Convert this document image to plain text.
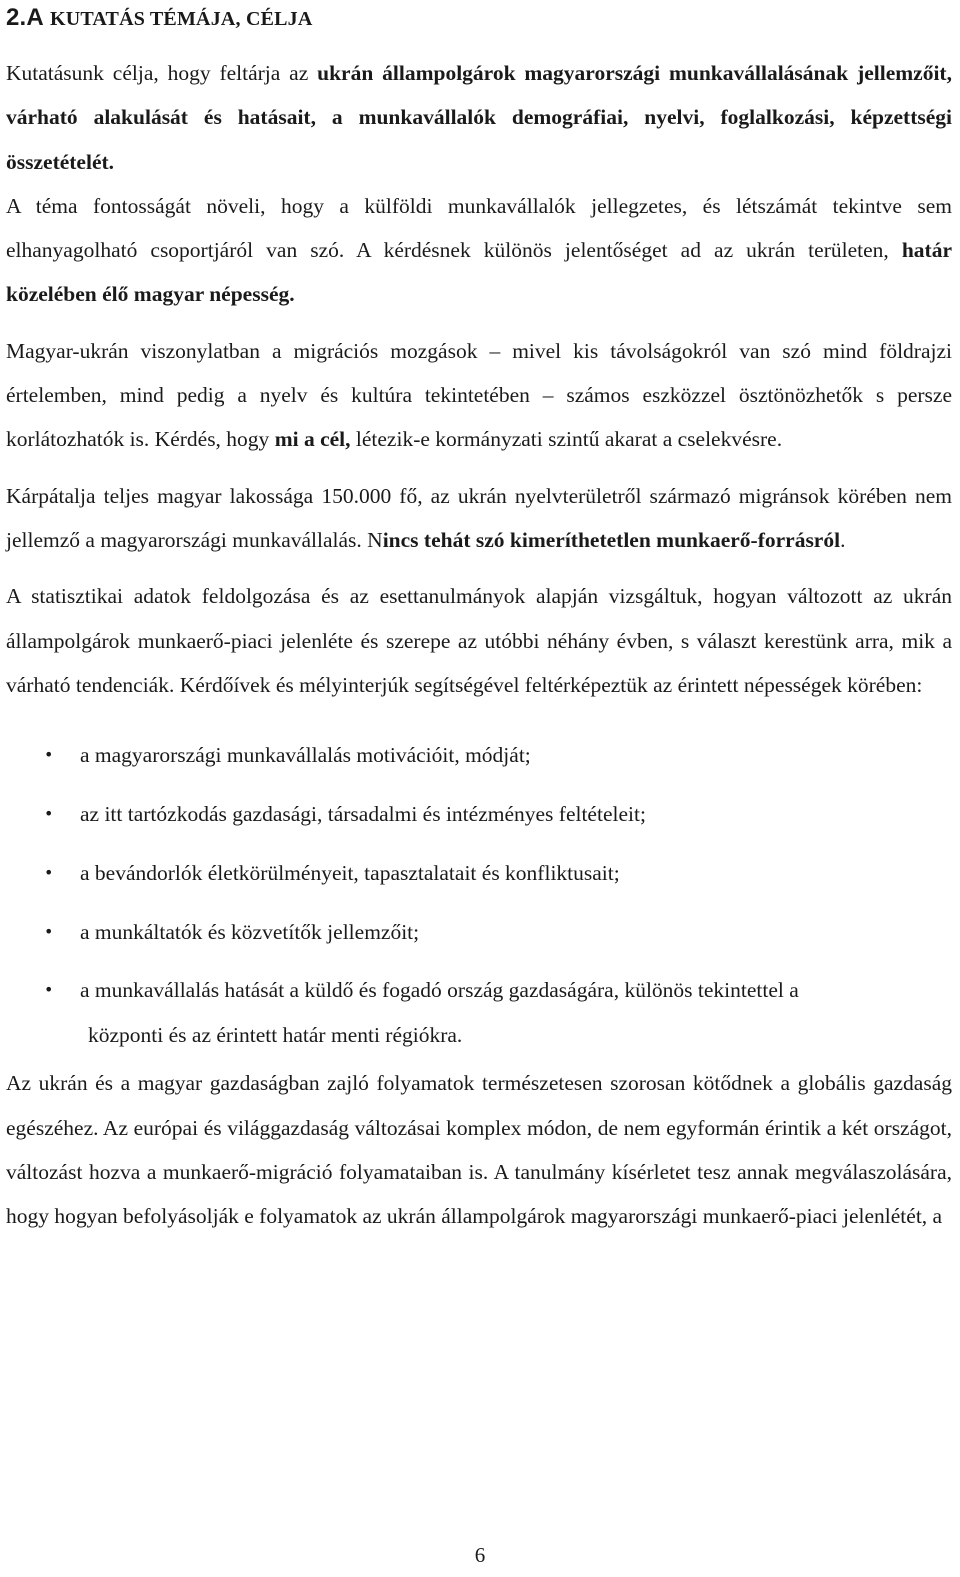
2.A KUTATÁS TÉMÁJA, CÉLJA

Kutatásunk célja, hogy feltárja az ukrán állampolgárok magyarországi munkavállalásának jellemzőit, várható alakulását és hatásait, a munkavállalók demográfiai, nyelvi, foglalkozási, képzettségi összetételét.

A téma fontosságát növeli, hogy a külföldi munkavállalók jellegzetes, és létszámát tekintve sem elhanyagolható csoportjáról van szó. A kérdésnek különös jelentőséget ad az ukrán területen, határ közelében élő magyar népesség.

Magyar-ukrán viszonylatban a migrációs mozgások – mivel kis távolságokról van szó mind földrajzi értelemben, mind pedig a nyelv és kultúra tekintetében – számos eszközzel ösztönözhetők s persze korlátozhatók is. Kérdés, hogy mi a cél, létezik-e kormányzati szintű akarat a cselekvésre.

Kárpátalja teljes magyar lakossága 150.000 fő, az ukrán nyelvterületről származó migránsok körében nem jellemző a magyarországi munkavállalás. Nincs tehát szó kimeríthetetlen munkaerő-forrásról.

A statisztikai adatok feldolgozása és az esettanulmányok alapján vizsgáltuk, hogyan változott az ukrán állampolgárok munkaerő-piaci jelenléte és szerepe az utóbbi néhány évben, s választ kerestünk arra, mik a várható tendenciák. Kérdőívek és mélyinterjúk segítségével feltérképeztük az érintett népességek körében:

• a magyarországi munkavállalás motivációit, módját;
• az itt tartózkodás gazdasági, társadalmi és intézményes feltételeit;
• a bevándorlók életkörülményeit, tapasztalatait és konfliktusait;
• a munkáltatók és közvetítők jellemzőit;
• a munkavállalás hatását a küldő és fogadó ország gazdaságára, különös tekintettel a
központi és az érintett határ menti régiókra.

Az ukrán és a magyar gazdaságban zajló folyamatok természetesen szorosan kötődnek a globális gazdaság egészéhez. Az európai és világgazdaság változásai komplex módon, de nem egyformán érintik a két országot, változást hozva a munkaerő-migráció folyamataiban is. A tanulmány kísérletet tesz annak megválaszolására, hogy hogyan befolyásolják e folyamatok az ukrán állampolgárok magyarországi munkaerő-piaci jelenlétét, a

6
